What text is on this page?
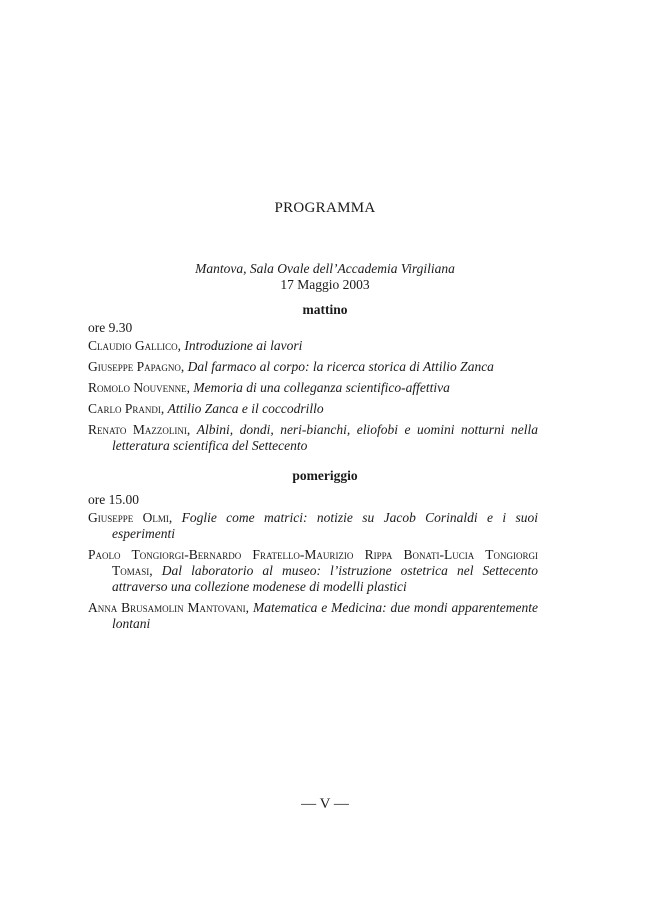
PROGRAMMA
Mantova, Sala Ovale dell’Accademia Virgiliana
17 Maggio 2003
mattino
ore 9.30
Claudio Gallico, Introduzione ai lavori
Giuseppe Papagno, Dal farmaco al corpo: la ricerca storica di Attilio Zanca
Romolo Nouvenne, Memoria di una colleganza scientifico-affettiva
Carlo Prandi, Attilio Zanca e il coccodrillo
Renato Mazzolini, Albini, dondi, neri-bianchi, eliofobi e uomini notturni nella letteratura scientifica del Settecento
pomeriggio
ore 15.00
Giuseppe Olmi, Foglie come matrici: notizie su Jacob Corinaldi e i suoi esperimenti
Paolo Tongiorgi-Bernardo Fratello-Maurizio Rippa Bonati-Lucia Tongiorgi Tomasi, Dal laboratorio al museo: l’istruzione ostetrica nel Settecento attraverso una collezione modenese di modelli plastici
Anna Brusamolin Mantovani, Matematica e Medicina: due mondi apparentemente lontani
— V —
